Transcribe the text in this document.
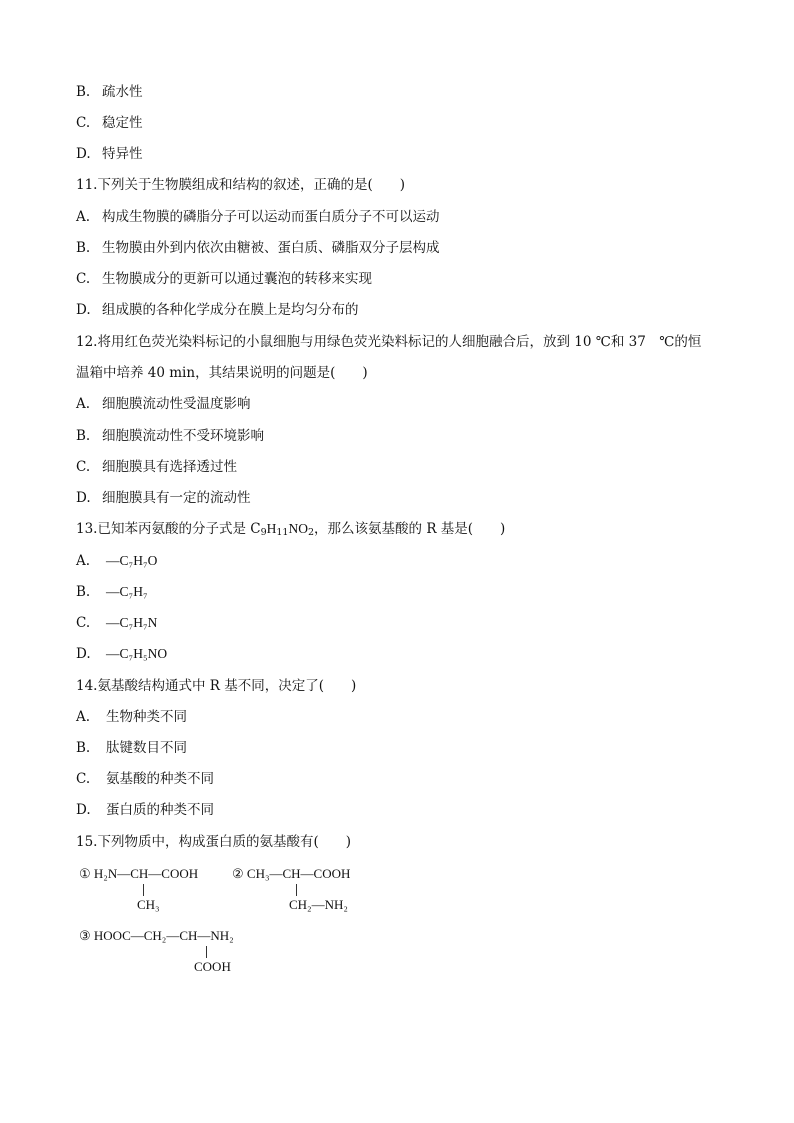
B. 疏水性
C. 稳定性
D. 特异性
11.下列关于生物膜组成和结构的叙述，正确的是(　　)
A. 构成生物膜的磷脂分子可以运动而蛋白质分子不可以运动
B. 生物膜由外到内依次由糖被、蛋白质、磷脂双分子层构成
C. 生物膜成分的更新可以通过囊泡的转移来实现
D. 组成膜的各种化学成分在膜上是均匀分布的
12.将用红色荧光染料标记的小鼠细胞与用绿色荧光染料标记的人细胞融合后，放到 10 ℃和 37　℃的恒
温箱中培养 40 min，其结果说明的问题是(　　)
A. 细胞膜流动性受温度影响
B. 细胞膜流动性不受环境影响
C. 细胞膜具有选择透过性
D. 细胞膜具有一定的流动性
13.已知苯丙氨酸的分子式是 $C_9H_{11}NO_2$，那么该氨基酸的 R 基是(　　)
A. —C₇H₇O
B. —C₇H₇
C. —C₇H₇N
D. —C₇H₅NO
14.氨基酸结构通式中 R 基不同，决定了(　　)
A. 生物种类不同
B. 肽键数目不同
C. 氨基酸的种类不同
D. 蛋白质的种类不同
15.下列物质中，构成蛋白质的氨基酸有(　　)
① H₂N—CH—COOH
CH₃
② CH₃—CH—COOH
CH₂—NH₂
③ HOOC—CH₂—CH—NH₂
COOH
